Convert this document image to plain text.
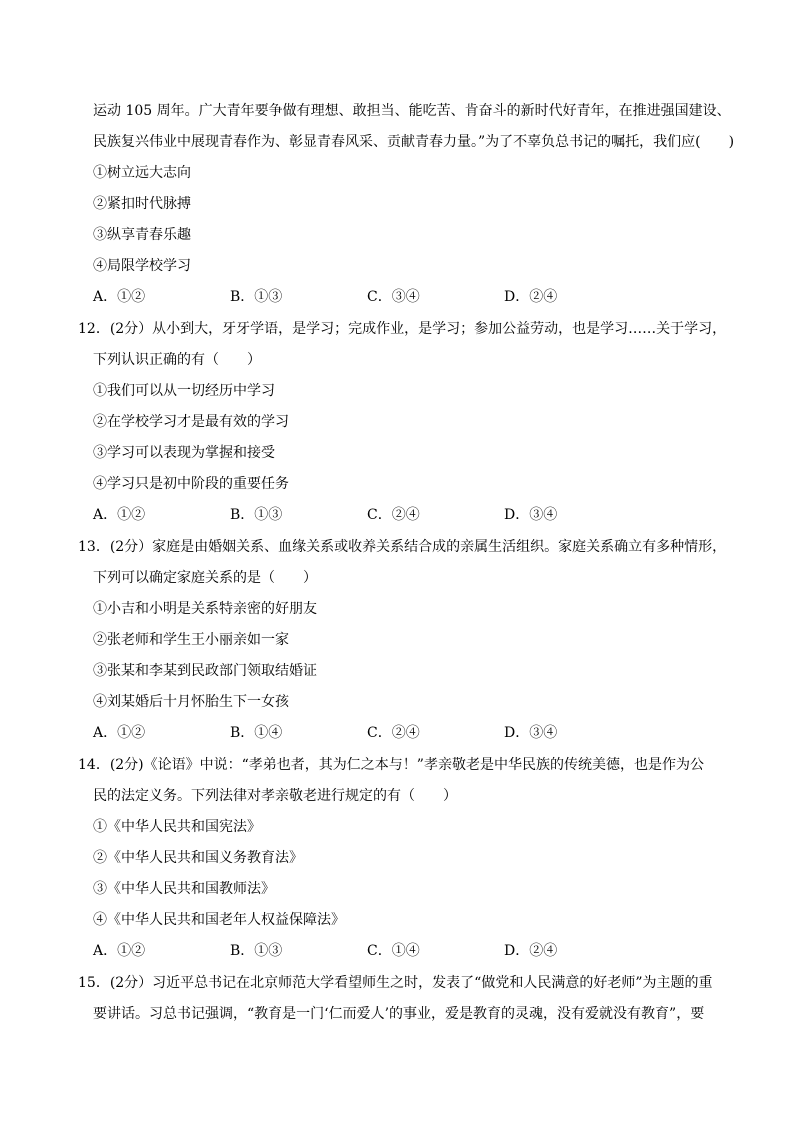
运动 105 周年。广大青年要争做有理想、敢担当、能吃苦、肯奋斗的新时代好青年，在推进强国建设、
民族复兴伟业中展现青春作为、彰显青春风采、贡献青春力量。”为了不辜负总书记的嘱托，我们应(　　)
①树立远大志向
②紧扣时代脉搏
③纵享青春乐趣
④局限学校学习
A．①②	B．①③	C．③④	D．②④
12．(2分）从小到大，牙牙学语，是学习；完成作业，是学习；参加公益劳动，也是学习……关于学习，
下列认识正确的有（　　）
①我们可以从一切经历中学习
②在学校学习才是最有效的学习
③学习可以表现为掌握和接受
④学习只是初中阶段的重要任务
A．①②	B．①③	C．②④	D．③④
13．(2分）家庭是由婚姻关系、血缘关系或收养关系结合成的亲属生活组织。家庭关系确立有多种情形，
下列可以确定家庭关系的是（　　）
①小吉和小明是关系特亲密的好朋友
②张老师和学生王小丽亲如一家
③张某和李某到民政部门领取结婚证
④刘某婚后十月怀胎生下一女孩
A．①②	B．①④	C．②④	D．③④
14．(2分)《论语》中说：“孝弟也者，其为仁之本与！”孝亲敬老是中华民族的传统美德，也是作为公
民的法定义务。下列法律对孝亲敬老进行规定的有（　　）
①《中华人民共和国宪法》
②《中华人民共和国义务教育法》
③《中华人民共和国教师法》
④《中华人民共和国老年人权益保障法》
A．①②	B．①③	C．①④	D．②④
15．(2分）习近平总书记在北京师范大学看望师生之时，发表了“做党和人民满意的好老师”为主题的重
要讲话。习总书记强调，“教育是一门‘仁而爱人’的事业，爱是教育的灵魂，没有爱就没有教育”，要
